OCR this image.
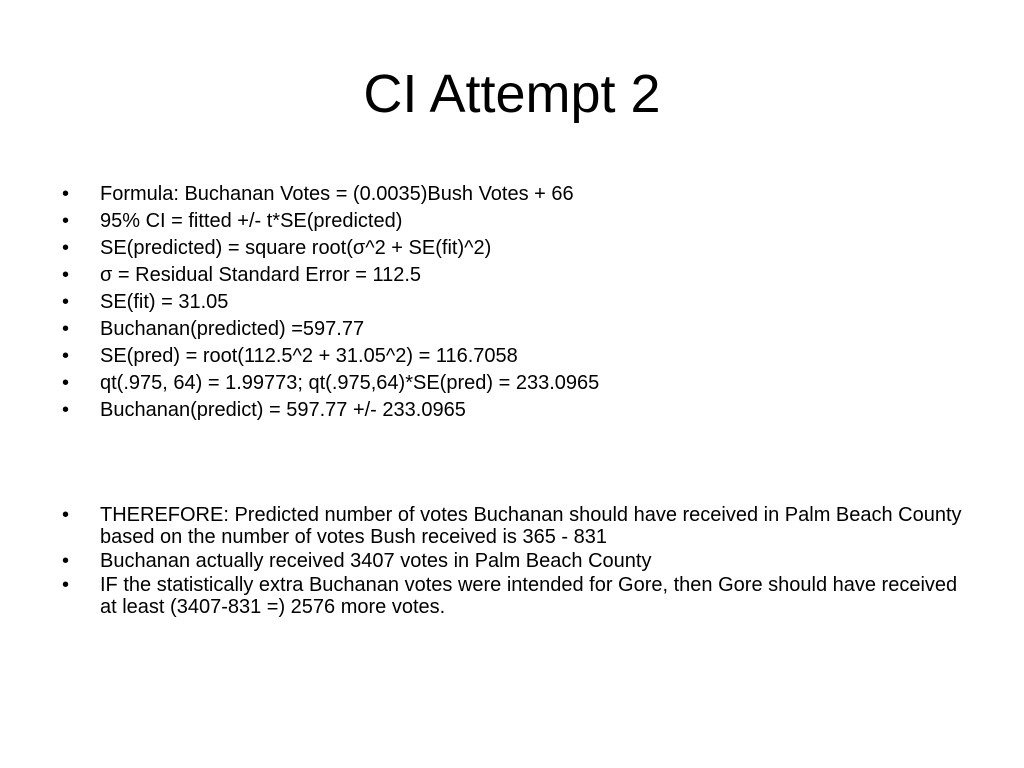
CI Attempt 2
• Formula: Buchanan Votes = (0.0035)Bush Votes + 66
• 95% CI = fitted +/- t*SE(predicted)
• SE(predicted) = square root(σ^2 + SE(fit)^2)
• σ = Residual Standard Error = 112.5
• SE(fit) = 31.05
• Buchanan(predicted) =597.77
• SE(pred) = root(112.5^2 + 31.05^2) = 116.7058
• qt(.975, 64) = 1.99773; qt(.975,64)*SE(pred) = 233.0965
• Buchanan(predict) = 597.77 +/- 233.0965
• THEREFORE: Predicted number of votes Buchanan should have received in Palm Beach County based on the number of votes Bush received is 365 - 831
• Buchanan actually received 3407 votes in Palm Beach County
• IF the statistically extra Buchanan votes were intended for Gore, then Gore should have received at least (3407-831 =) 2576 more votes.
